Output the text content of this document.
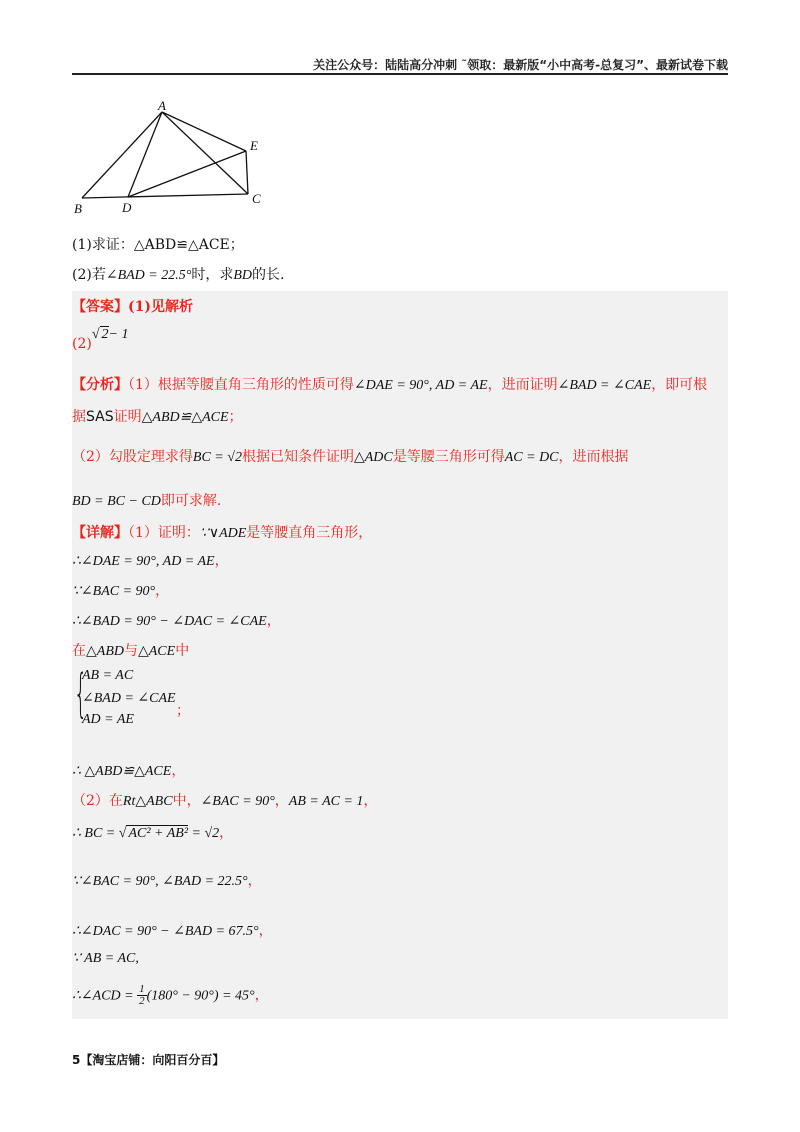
关注公众号：陆陆高分冲刺 ˜领取：最新版“小中高考-总复习”、最新试卷下载
A
B
C
D
E
(1)求证：△ABD≌△ACE；
(2)若∠BAD = 22.5°时，求BD的长.
【答案】(1)见解析
(2)√ 2− 1
【分析】（1）根据等腰直角三角形的性质可得∠DAE = 90°, AD = AE，进而证明∠BAD = ∠CAE，即可根
据SAS证明△ABD≌△ACE；
（2）勾股定理求得BC = √2根据已知条件证明△ADC是等腰三角形可得AC = DC，进而根据
BD = BC − CD即可求解.
【详解】（1）证明：∵∨ADE是等腰直角三角形，
∴∠DAE = 90°, AD = AE，
∵∠BAC = 90°，
∴∠BAD = 90° − ∠DAC = ∠CAE，
在△ABD与△ACE中
{
AB = AC
∠BAD = ∠CAE
AD = AE
；
∴ △ABD≌△ACE，
（2）在Rt△ABC中，∠BAC = 90°，AB = AC = 1，
∴ BC = √ AC² + AB² = √2，
∵∠BAC = 90°, ∠BAD = 22.5°，
∴∠DAC = 90° − ∠BAD = 67.5°，
∵ AB = AC,
∴∠ACD = $\frac{1}{2} (180^\circ - 90^\circ) = 45^\circ$，
5【淘宝店铺：向阳百分百】
